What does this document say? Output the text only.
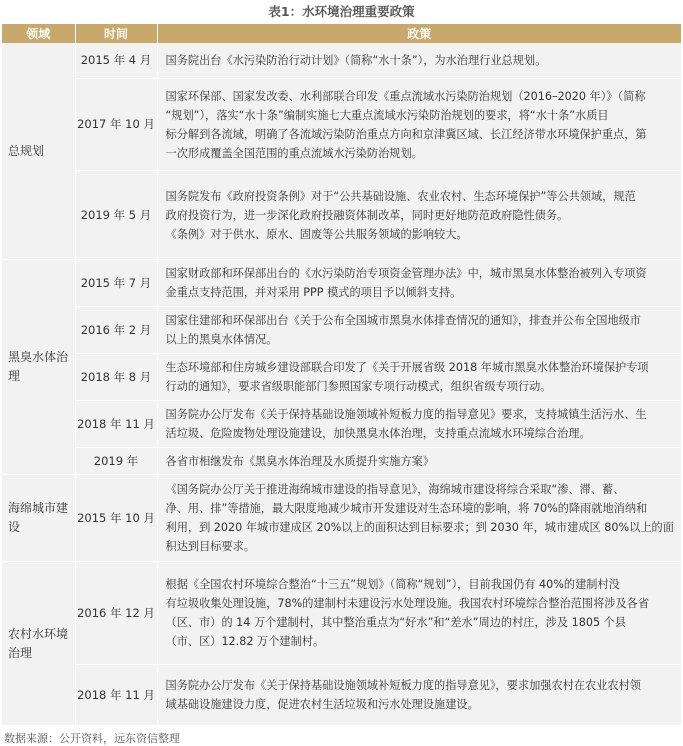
表1：水环境治理重要政策
领域	时间	政策
总规划	2015 年 4 月	国务院出台《水污染防治行动计划》（简称“水十条”），为水治理行业总规划。

	2017 年 10 月	国家环保部、国家发改委、水利部联合印发《重点流域水污染防治规划（2016–2020 年）》（简称
“规划”），落实“水十条”编制实施七大重点流域水污染防治规划的要求，将“水十条”水质目
标分解到各流域，明确了各流域污染防治重点方向和京津冀区域、长江经济带水环境保护重点，第
一次形成覆盖全国范围的重点流域水污染防治规划。

	2019 年 5 月	国务院发布《政府投资条例》对于“公共基础设施、农业农村、生态环境保护”等公共领域，规范
政府投资行为，进一步深化政府投融资体制改革，同时更好地防范政府隐性债务。
《条例》对于供水、原水、固废等公共服务领域的影响较大。

黑臭水体治理	2015 年 7 月	国家财政部和环保部出台的《水污染防治专项资金管理办法》中，城市黑臭水体整治被列入专项资
金重点支持范围，并对采用 PPP 模式的项目予以倾斜支持。

	2016 年 2 月	国家住建部和环保部出台《关于公布全国城市黑臭水体排查情况的通知》，排查并公布全国地级市
以上的黑臭水体情况。

	2018 年 8 月	生态环境部和住房城乡建设部联合印发了《关于开展省级 2018 年城市黑臭水体整治环境保护专项
行动的通知》，要求省级职能部门参照国家专项行动模式，组织省级专项行动。

	2018 年 11 月	国务院办公厅发布《关于保持基础设施领域补短板力度的指导意见》要求，支持城镇生活污水、生
活垃圾、危险废物处理设施建设，加快黑臭水体治理，支持重点流域水环境综合治理。

	2019 年	各省市相继发布《黑臭水体治理及水质提升实施方案》

海绵城市建设	2015 年 10 月	《国务院办公厅关于推进海绵城市建设的指导意见》，海绵城市建设将综合采取“渗、滞、蓄、
净、用、排”等措施，最大限度地减少城市开发建设对生态环境的影响，将 70%的降雨就地消纳和
利用，到 2020 年城市建成区 20%以上的面积达到目标要求；到 2030 年，城市建成区 80%以上的面
积达到目标要求。

农村水环境治理	2016 年 12 月	根据《全国农村环境综合整治“十三五”规划》（简称“规划”），目前我国仍有 40%的建制村没
有垃圾收集处理设施，78%的建制村未建设污水处理设施。我国农村环境综合整治范围将涉及各省
（区、市）的 14 万个建制村，其中整治重点为“好水”和“差水”周边的村庄，涉及 1805 个县
（市、区）12.82 万个建制村。

	2018 年 11 月	国务院办公厅发布《关于保持基础设施领域补短板力度的指导意见》，要求加强农村在农业农村领
域基础设施建设力度，促进农村生活垃圾和污水处理设施建设。
数据来源：公开资料，远东资信整理
